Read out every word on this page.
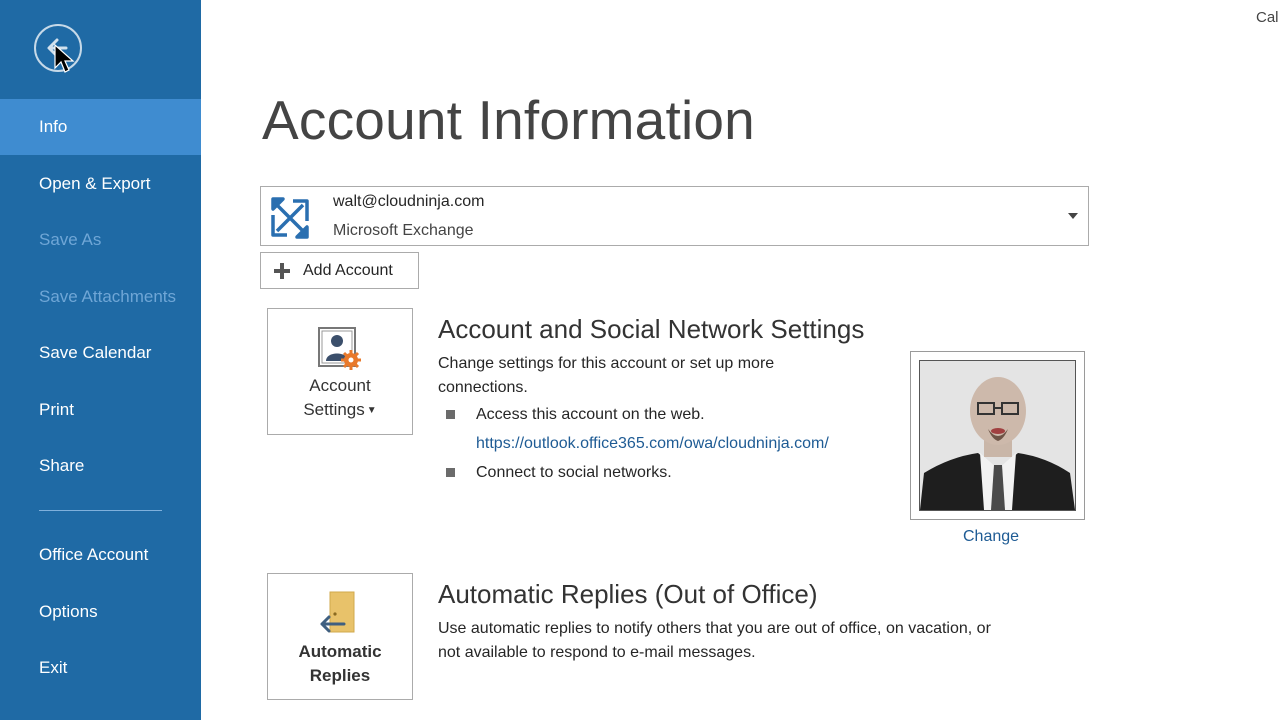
Info
Open & Export
Save As
Save Attachments
Save Calendar
Print
Share
Office Account
Options
Exit
Cal
Account Information
walt@cloudninja.com
Microsoft Exchange
Add Account
Account
Settings ▼
Account and Social Network Settings
Change settings for this account or set up more
connections.
Access this account on the web.
https://outlook.office365.com/owa/cloudninja.com/
Connect to social networks.
Change
Automatic
Replies
Automatic Replies (Out of Office)
Use automatic replies to notify others that you are out of office, on vacation, or
not available to respond to e-mail messages.
